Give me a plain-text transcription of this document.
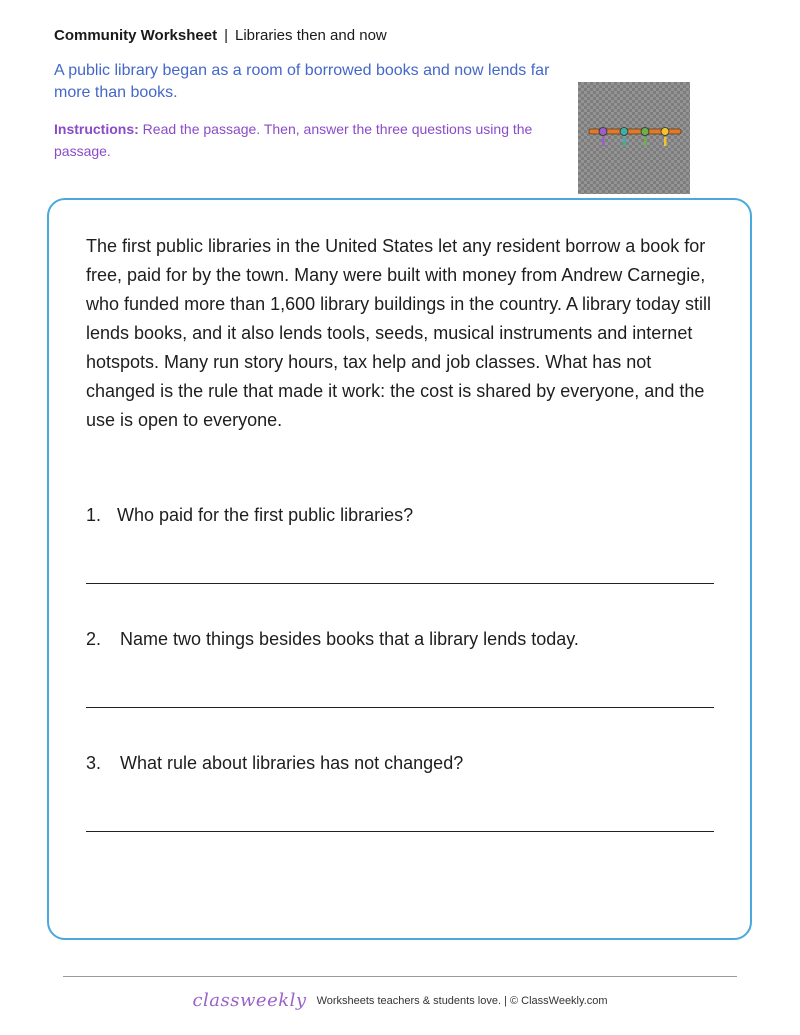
Community Worksheet | Libraries then and now
A public library began as a room of borrowed books and now lends far more than books.
Instructions: Read the passage. Then, answer the three questions using the passage.
The first public libraries in the United States let any resident borrow a book for free, paid for by the town. Many were built with money from Andrew Carnegie, who funded more than 1,600 library buildings in the country. A library today still lends books, and it also lends tools, seeds, musical instruments and internet hotspots. Many run story hours, tax help and job classes. What has not changed is the rule that made it work: the cost is shared by everyone, and the use is open to everyone.
1. Who paid for the first public libraries?
2. Name two things besides books that a library lends today.
3. What rule about libraries has not changed?
classweekly Worksheets teachers & students love. | © ClassWeekly.com
